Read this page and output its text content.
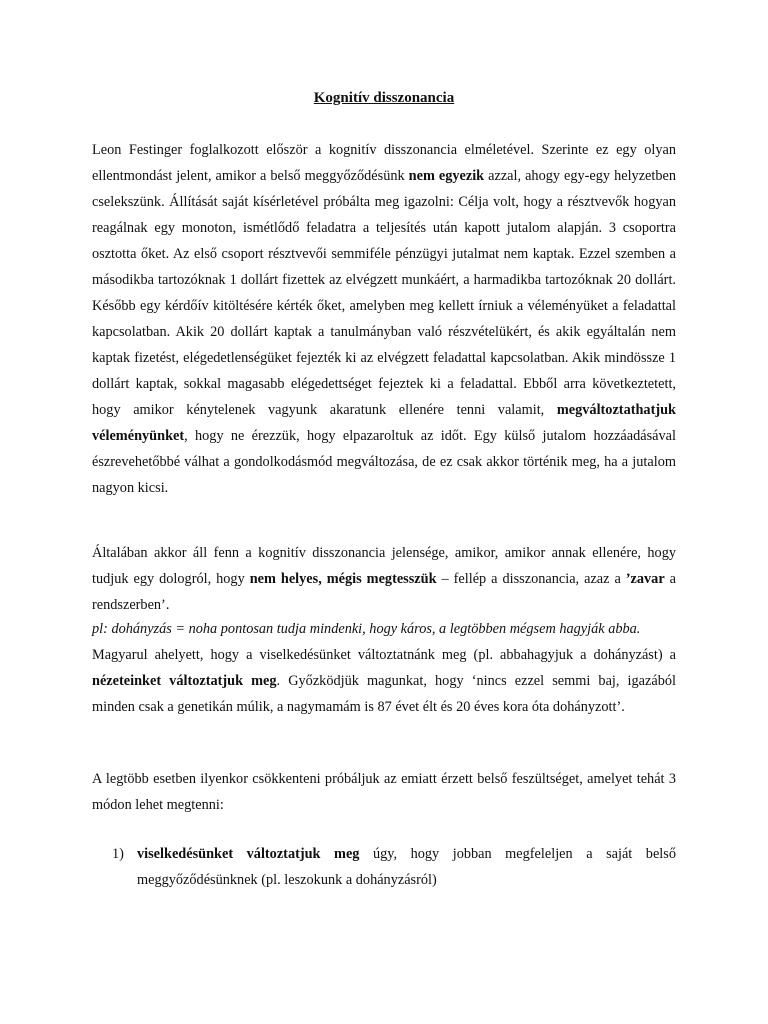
Kognitív disszonancia

Leon Festinger foglalkozott először a kognitív disszonancia elméletével. Szerinte ez egy olyan ellentmondást jelent, amikor a belső meggyőződésünk nem egyezik azzal, ahogy egy-egy helyzetben cselekszünk. Állítását saját kísérletével próbálta meg igazolni: Célja volt, hogy a résztvevők hogyan reagálnak egy monoton, ismétlődő feladatra a teljesítés után kapott jutalom alapján. 3 csoportra osztotta őket. Az első csoport résztvevői semmiféle pénzügyi jutalmat nem kaptak. Ezzel szemben a másodikba tartozóknak 1 dollárt fizettek az elvégzett munkáért, a harmadikba tartozóknak 20 dollárt. Később egy kérdőív kitöltésére kérték őket, amelyben meg kellett írniuk a véleményüket a feladattal kapcsolatban. Akik 20 dollárt kaptak a tanulmányban való részvételükért, és akik egyáltalán nem kaptak fizetést, elégedetlenségüket fejezték ki az elvégzett feladattal kapcsolatban. Akik mindössze 1 dollárt kaptak, sokkal magasabb elégedettséget fejeztek ki a feladattal. Ebből arra következtetett, hogy amikor kénytelenek vagyunk akaratunk ellenére tenni valamit, megváltoztathatjuk véleményünket, hogy ne érezzük, hogy elpazaroltuk az időt. Egy külső jutalom hozzáadásával észrevehetőbbé válhat a gondolkodásmód megváltozása, de ez csak akkor történik meg, ha a jutalom nagyon kicsi.

Általában akkor áll fenn a kognitív disszonancia jelensége, amikor, amikor annak ellenére, hogy tudjuk egy dologról, hogy nem helyes, mégis megtesszük – fellép a disszonancia, azaz a ’zavar a rendszerben’.

pl: dohányzás = noha pontosan tudja mindenki, hogy káros, a legtöbben mégsem hagyják abba.

Magyarul ahelyett, hogy a viselkedésünket változtatnánk meg (pl. abbahagyjuk a dohányzást) a nézeteinket változtatjuk meg. Győzködjük magunkat, hogy ‘nincs ezzel semmi baj, igazából minden csak a genetikán múlik, a nagymamám is 87 évet élt és 20 éves kora óta dohányzott’.

A legtöbb esetben ilyenkor csökkenteni próbáljuk az emiatt érzett belső feszültséget, amelyet tehát 3 módon lehet megtenni:

1) viselkedésünket változtatjuk meg úgy, hogy jobban megfeleljen a saját belső meggyőződésünknek (pl. leszokunk a dohányzásról)
